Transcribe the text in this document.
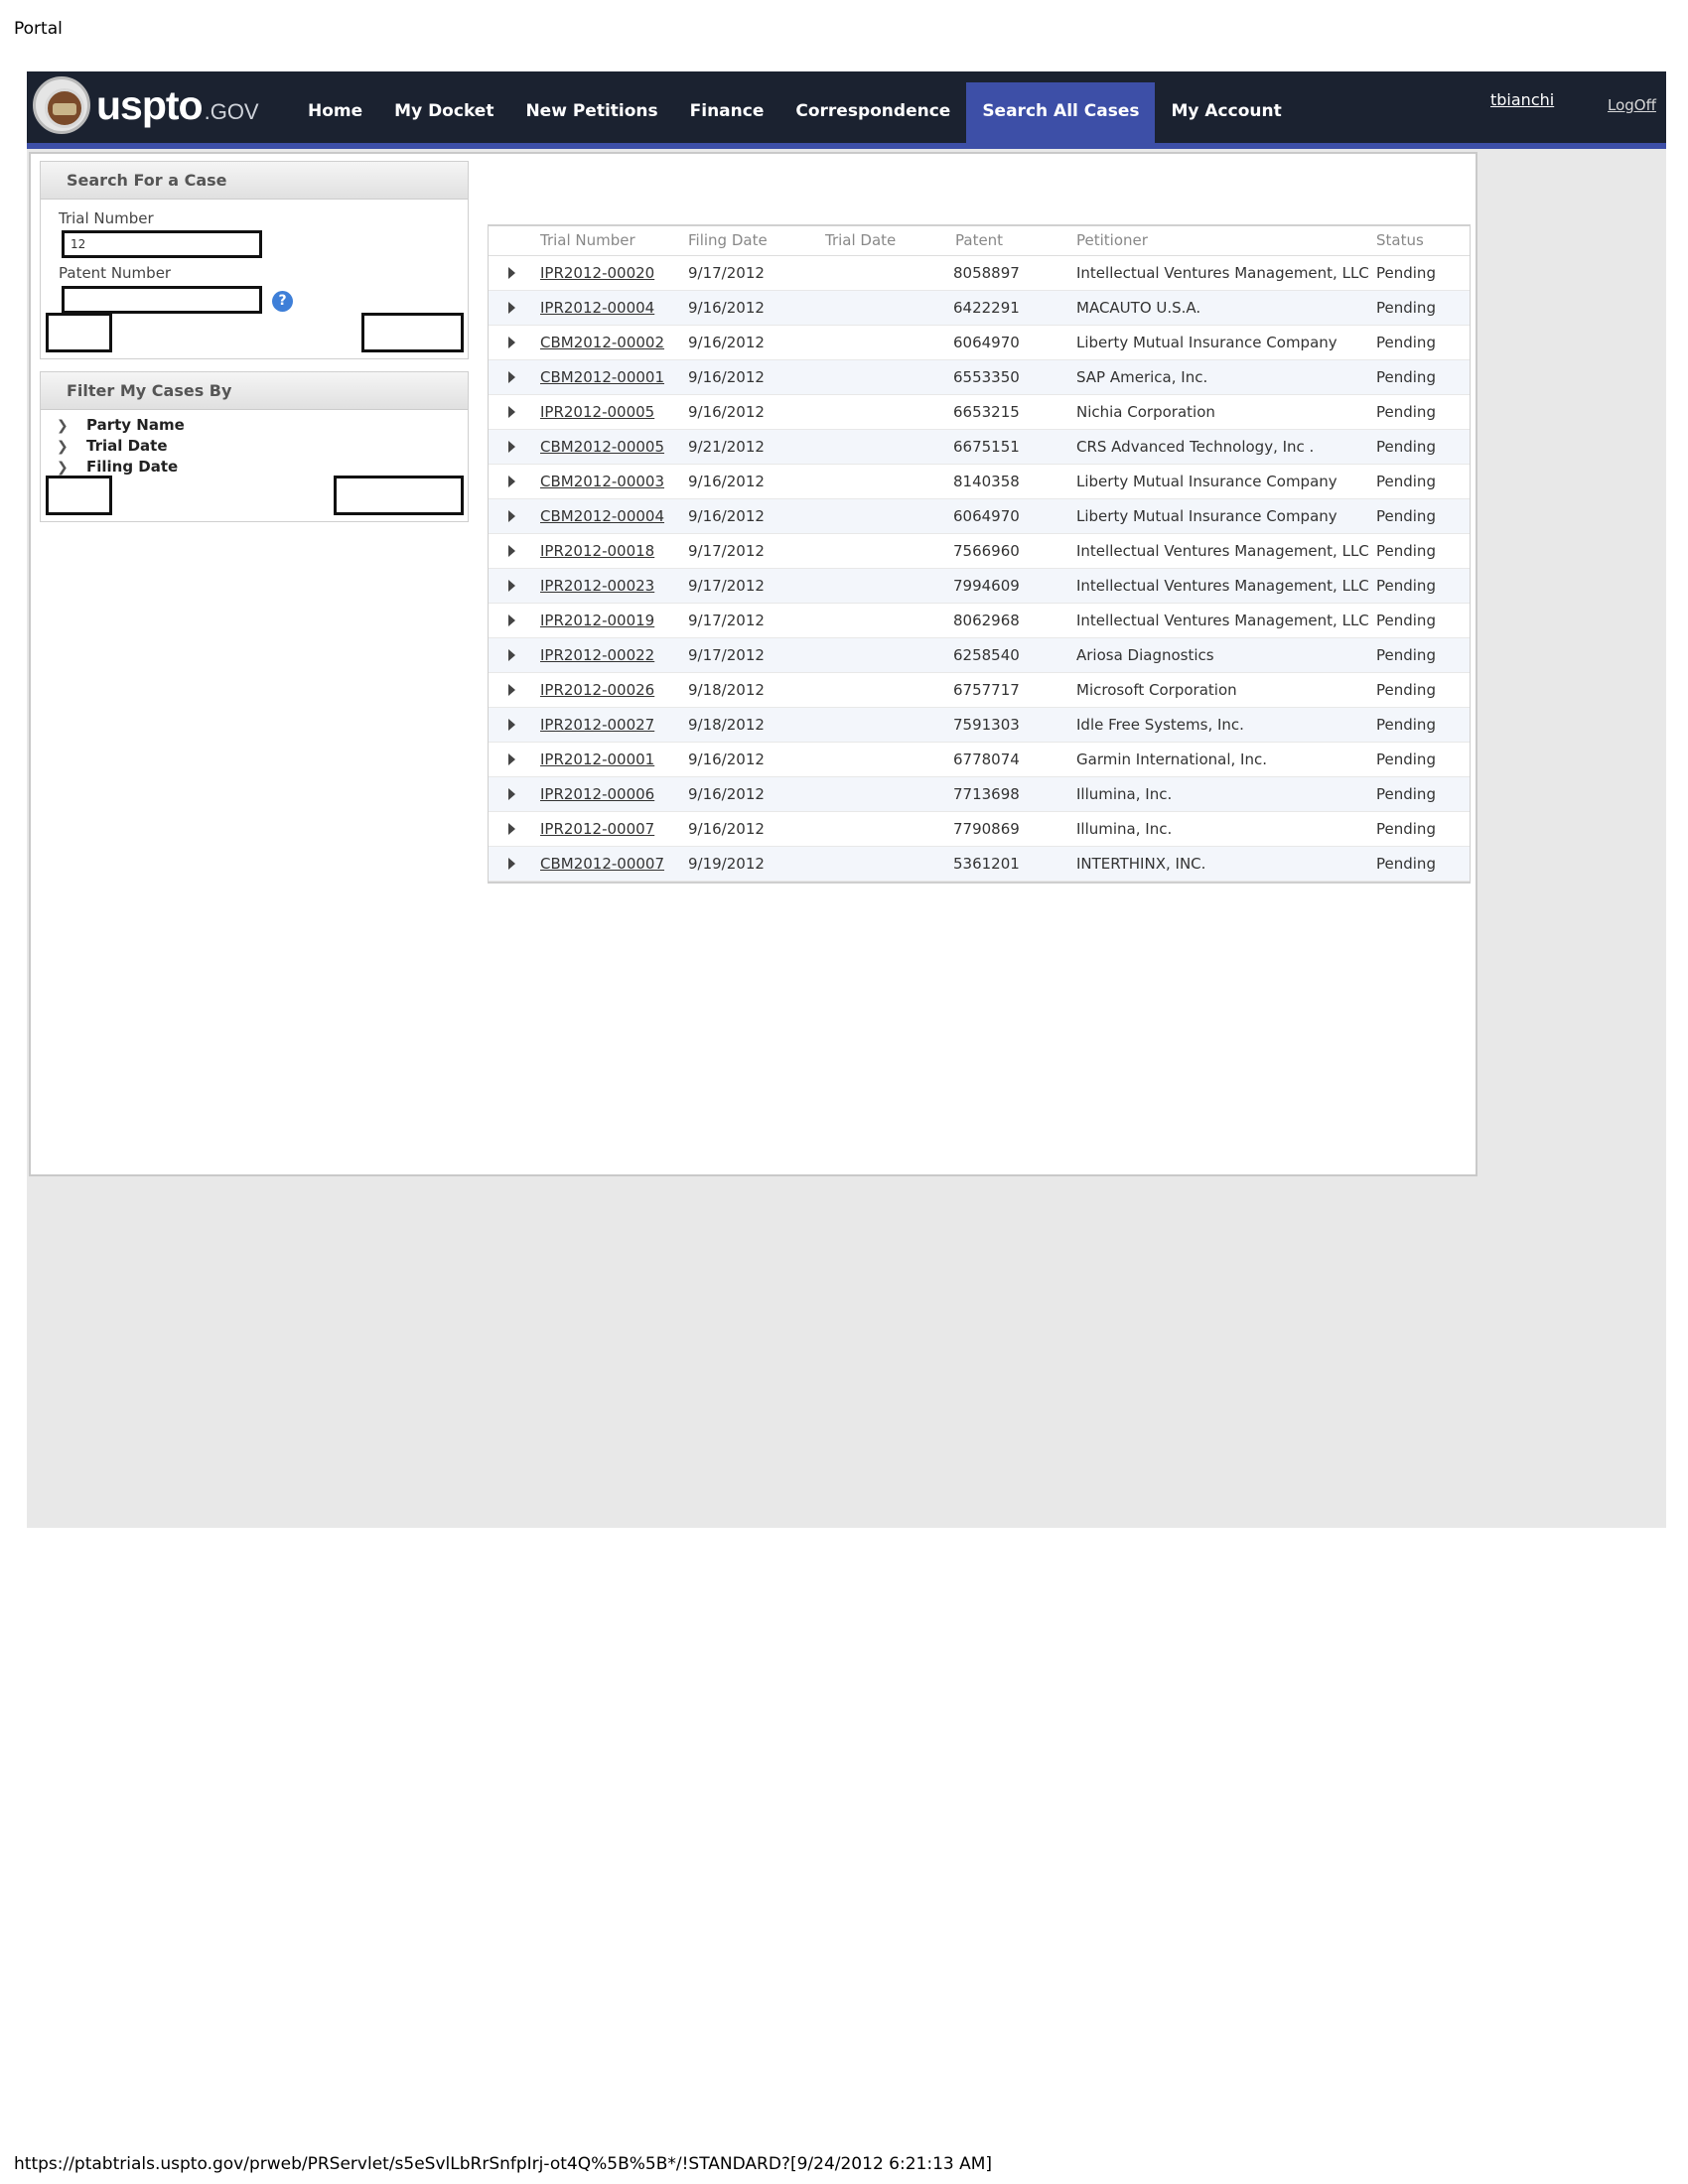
Portal
uspto.GOV	Home	My Docket	New Petitions	Finance	Correspondence	Search All Cases	My Account
tbianchi	LogOff
Search For a Case
Trial Number
12
Patent Number
?
Filter My Cases By
❯ Party Name
❯ Trial Date
❯ Filing Date
Trial Number	Filing Date	Trial Date	Patent	Petitioner	Status
IPR2012-00020 9/17/2012	8058897	Intellectual Ventures Management, LLC Pending
IPR2012-00004 9/16/2012	6422291	MACAUTO U.S.A.	Pending
CBM2012-00002 9/16/2012	6064970	Liberty Mutual Insurance Company	Pending
CBM2012-00001 9/16/2012	6553350	SAP America, Inc.	Pending
IPR2012-00005 9/16/2012	6653215	Nichia Corporation	Pending
CBM2012-00005 9/21/2012	6675151	CRS Advanced Technology, Inc .	Pending
CBM2012-00003 9/16/2012	8140358	Liberty Mutual Insurance Company	Pending
CBM2012-00004 9/16/2012	6064970	Liberty Mutual Insurance Company	Pending
IPR2012-00018 9/17/2012	7566960	Intellectual Ventures Management, LLC Pending
IPR2012-00023 9/17/2012	7994609	Intellectual Ventures Management, LLC Pending
IPR2012-00019 9/17/2012	8062968	Intellectual Ventures Management, LLC Pending
IPR2012-00022 9/17/2012	6258540	Ariosa Diagnostics	Pending
IPR2012-00026 9/18/2012	6757717	Microsoft Corporation	Pending
IPR2012-00027 9/18/2012	7591303	Idle Free Systems, Inc.	Pending
IPR2012-00001 9/16/2012	6778074	Garmin International, Inc.	Pending
IPR2012-00006 9/16/2012	7713698	Illumina, Inc.	Pending
IPR2012-00007 9/16/2012	7790869	Illumina, Inc.	Pending
CBM2012-00007 9/19/2012	5361201	INTERTHINX, INC.	Pending
https://ptabtrials.uspto.gov/prweb/PRServlet/s5eSvlLbRrSnfpIrj-ot4Q%5B%5B*/!STANDARD?[9/24/2012 6:21:13 AM]
